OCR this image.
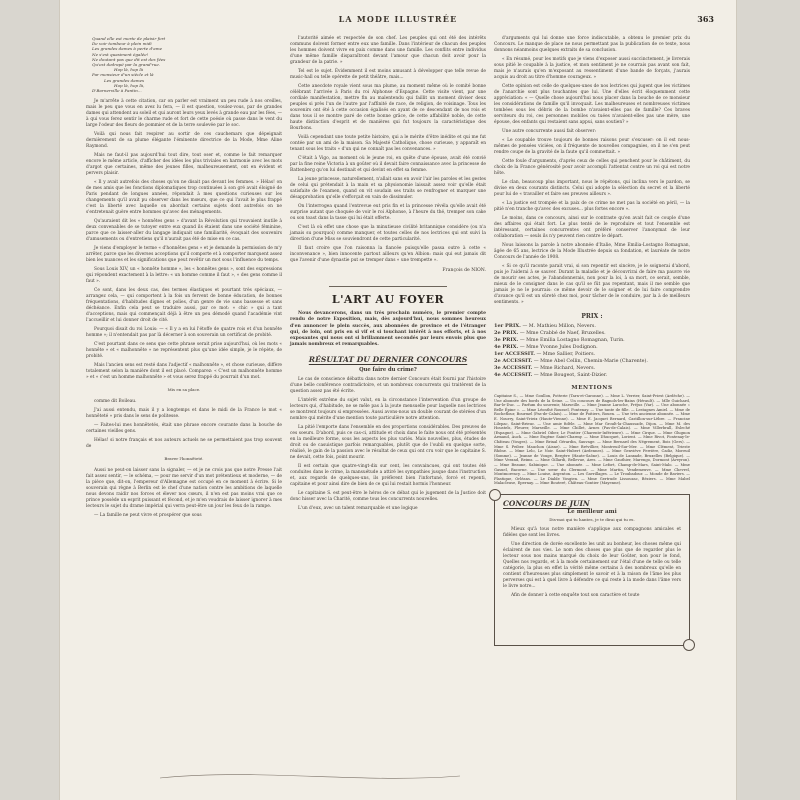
LA MODE ILLUSTRÉE	363
Quand elle est morte de plaisir fort
De voir tombeur à plein midi
Les grandes dames à perte d'ame
Ne s'est quasiment égalée!
Ne doutant pas que dit est des fées
Qu'est dedrapé par la grand'rue.
Hop là, hop là
Par monsieur d'un siècle et là
Les grandes dames
Hop là, hop là,
D'Barnerville à Pantin...

Je m'arrête à cette citation, car on parler est vraiment un peu rude à nos oreilles, mais le peu que vous en avez lu fera, — il est question, voulez-vous, par de grandes dames qui attendent au soleil et qui auront leurs yeux levés à grande eau par les fées, — à qui vous ferez sentir le charme rude et fort de cette poésie où passe dans le vent du large l'odeur des fleurs de pommier et de la terre soulevée par le soc.

Voilà qui nous fait respirer au sortir de ces cauchemars que dépeignait dernièrement de sa plume élégante l'éminente directrice de la Mode, Mme Aline Raymond.

Mais ne faut-il pas aujourd'hui tout dire, tout oser et, comme le fait remarquer encore le même article, d'afficher des idées les plus triviales en harmonie avec les mots d'argot que certaines, même des jeunes filles, malheureusement, ont en évident et pervers plaisir.

« Il y avait autrefois des choses qu'on ne disait pas devant les femmes. » Hélas! on de mes amis que les fonctions diplomatiques trop continuées à son gré avait éloigné de Paris pendant de longues années, répondait à mes questions curieuses sur les changements qu'il avait pu observer dans les mœurs, que ce qui l'avait le plus frappé c'est la liberté avec laquelle on abordait certains sujets dont autrefois on ne s'entretenait guère entre hommes qu'avec des ménagements.

Qu'auraient dit les « honnêtes gens » d'avant la Révolution qui trouvaient inutile à deux convenables de se tutoyer entre eux quand ils étaient dans une société féminine, parce que ce laisser-aller du langage indiquait une familiarité, évoquait des souvenirs d'amusements ou d'entretiens qu'il n'aurait pas été de mise en ce cas.

Je viens d'employer le terme « d'honnêtes gens » et je demande la permission de m'y arrêter, parce que les diverses acceptions qu'il comporte et à comporter marquent assez bien les nuances et les significations que peut revêtir un mot sous l'influence du temps.

Sous Louis XIV, un « honnête homme », les « honnêtes gens », sont des expressions qui répondent exactement à la lettre: « un homme comme il faut », « des gens comme il faut ».

Ce sont, dans les deux cas, des termes élastiques et pourtant très spéciaux, — arrangez cela, — qui comportent à la fois un fervent de bonne éducation, de bonnes fréquentations, d'habitudes dignes et polies, d'un genre de vie sans bassesse et sans déchéance. Enfin cela peut se traduire aussi, par ce mot: « chic » qui a tant d'acceptions, mais qui commençait déjà à être un peu démodé quand l'académie vint l'accueillir et lui donner droit de cité.

Pourquoi disait du roi Louis: — « Il y a en lui l'étoffe de quatre rois et d'un honnête homme »; il n'entendait pas par là décerner à son souverain un certificat de probité.

C'est pourtant dans ce sens que cette phrase serait prise aujourd'hui, où les mots « honnête » et « malhonnête » ne représentent plus qu'une idée simple, je le répète, de probité.

Mais l'ancien sens est resté dans l'adjectif « malhonnête », et chose curieuse, diffère totalement selon la manière dont il est placé. Comparez: « C'est un malhonnête homme » et « c'est un homme malhonnête » et vous serez frappé du pourrait d'un mot.

Mis en sa place.

comme dit Boileau.

J'ai aussi entendu, mais il y a longtemps et dans le midi de la France le mot « honnêteté » pris dans le sens de politesse.

— Faites-lui mes honnêtetés, était une phrase encore courante dans la bouche de certaines vieilles gens.

Hélas! si notre français et nos auteurs actuels ne se permettaient pas trop souvent de

Braver l'honnêteté.

Aussi ne peut-on laisser sans la signaler, — et je ne crois pas que notre Presse l'ait fait assez sentir, — le schéma, — pour me servir d'un mot prétentieux et moderne, — de la pièce que, dit-on, l'empereur d'Allemagne est occupé en ce moment à écrire. Si le souverain qui règne à Berlin est le chef d'une nation contre les ambitions de laquelle nous devons raidir nos forces et élever nos cœurs, il n'en est pas moins vrai que ce prince possède un esprit puissant et fécond, et je m'en voudrais de laisser ignorer à mes lecteurs le sujet du drame impérial qui verra peut-être un jour les feux de la rampe.

— La famille ne peut vivre et prospérer que sous

l'autorité aimée et respectée de son chef. Les peuples qui ont été des intérêts communs doivent former entre eux une famille. Dans l'intérieur de chacun des peuples les hommes doivent vivre en paix comme dans une famille. Les conflits entre individus d'une même famille disparaîtront devant l'amour que chacun doit avoir pour la grandeur de la patrie. »

Tel est le sujet. Évidemment il est moins amusant à développer que telle revue de music-hall ou telle opérette de petit théâtre, mais...

Cette anecdote royale vient sous ma plume, au moment même où le comité bonne célébrant l'arrivée à Paris du roi Alphonse d'Espagne. Cette visite vient, par une cordiale manifestation, mettre fin au malentendu qui faillit un moment diviser deux peuples si près l'un de l'autre par l'affinité de race, de religion, de voisinage. Tous les souvenirs ont été à cette occasion égalisés en ayant de ce descendant de nos rois et dans tous il se montre paré de cette bonne grâce, de cette affabilité noble, de cette haute distinction d'esprit et de manières qui fut toujours la caractéristique des Bourbons.

Voilà cependant une toute petite histoire, qui a le mérite d'être inédite et qui me fut contée par un ami de la maison. Sa Majesté Catholique, chose curieuse, y apparaît en tenant sous les traits « d'un qui ne connaît pas les convenances. »

C'était à Vigo, au moment où le jeune roi, en quête d'une épouse, avait été convié par la fine reine Victoria à un goûter où il devait faire connaissance avec la princesse de Battenberg qu'on lui destinait et qui devint en effet sa femme.

La jeune princesse, naturellement, n'allait sans en avoir l'air les paroles et les gestes de celui qui prétendait à la main et sa physionomie laissait assez voir qu'elle était satisfaite de l'examen, quand on vit soudain ses traits se renfrogner et marquer une désapprobation qu'elle s'efforçait en vain de dissimuler.

On l'interrogea quand l'entrevue eut pris fin et la princesse révéla qu'elle avait été surprise autant que choquée de voir le roi Alphonse, à l'heure du thé, tremper son cake ou son toast dans la tasse qui lui était offerte.

C'est là où effet une chose que la minutieuse civilité britannique considère (ou n'a jamais su pourquoi) comme manquer, et toutes celles de nos lectrices qui ont suivi la direction d'une Miss se souviendront de cette particularité.

Il faut croire que l'on raisonna la fiancée puisqu'elle passa outre à cette « inconvenance », bien innocente partout ailleurs qu'en Albion: mais qui eut jamais dit que l'avenir d'une dynastie put se tremper dans « une trempette ».

François de NION.

L'ART AU FOYER

Nous devancerons, dans un très prochain numéro, le premier compte rendu de notre Exposition, mais, dès aujourd'hui, nous sommes heureux d'en annoncer le plein succès, aux abonnées de province et de l'étranger qui, de loin, ont pris en si vif et si touchant intérêt à nos efforts, et à nos exposantes qui nous ont si brillamment secondés par leurs envois plus que jamais nombreux et remarquables.

RÉSULTAT DU DERNIER CONCOURS
Que faire du crime?

Le cas de conscience débattu dans notre dernier Concours était fourni par l'histoire d'une belle conférence contradictoire, et un nombreux concurrents qui traitèrent de la question assez pas été écrite.

L'intérêt extrême du sujet valut, en la circonstance l'intervention d'un groupe de lecteurs qui, d'habitude, ne se mêle pas à la joute mensuelle pour laquelle nos lectrices se montrent toujours si empressées. Aussi avons-nous un double courant de stérées d'un nombre qui mérite d'une mention toute particulière notre attention.

La pitié l'emporte dans l'ensemble en des proportions considérables. Des preuves de ces soeurs. D'abord, puis ce cas-ci, attitude et choix dans le faite nous ont été présentés en la meilleure forme, sous les aspects les plus variés. Mais nouvelles, plus, études de droit ou de casuistique parfois remarquables, plutôt que de l'oubli en quelque sorte, réalisé, le gain de la passion avec le résultat de ceux qui ont cru voir que le capitaine S. ne devait, cette fois, point mourir.

Il est certain que quatre-vingt-dix sur cent, les convaincues, qui ont toutes été conduites dans le crime, la mansuétude a attiré les sympathies jusque dans l'instruction et, aux regards de quelques-uns, ils préfèrent bien l'infortuné, forcé et repenti, capitaine et pour ainsi dire de bien de ce qui lui restait hormis l'honneur.

Le capitaine S. est peut-être le héros de ce débat qui le jugement de la Justice doit donc hisser avec la Charité, comme tous les concurrents nouvelles.

L'un d'eux, avec un talent remarquable et une logique

d'arguments qui lui donne une force indiscutable, a obtenu le premier prix du Concours. Le manque de place ne nous permettant pas la publication de ce texte, nous donnons néanmoins quelques extraits de sa conclusion.

« En résumé, pour les motifs que je viens d'exposer aussi succinctement, je livrerais sous pitié le coupable à la justice, et mon sentiment je ne courrais pas avant son fait, mais je n'aurais qu'en m'exposant au ressentiment d'une bande de forçats, j'aurais acquis au droit au titre d'homme courageux. »

Cette opinion est celle de quelques-unes de nos lectrices qui jugent que les victimes de l'anarchie sont plus touchantes que lui. Une d'elles écrit éloquemment cette appréciation: « — Quelle chose aujourd'hui nous placer dans la bouche de ce monsieur les considérations de famille qu'il invoquait. Les malheureuses et nombreuses victimes tombées sous les débris de la bombe n'avaient-elles pas de famille? Ces braves serviteurs du roi, ces personnes mobiles ou tuées n'avaient-elles pas une mère, une épouse, des enfants qui restaient sans appui, sans soutien? »

Une autre concurrente aussi fait observer:

« Le coupable trouve toujours de bonnes raisons pour s'excuser: on il est nous-mêmes de pensées viciées, on il fréquente de nouvelles compagnies, on il ne s'en peut rendre coupe de la gravité de la faute qu'il commettait. »

Cette foule d'arguments, d'après ceux de celles qui penchent pour le châtiment, du choix de la France générosité pour avoir accompli l'attentat contre un roi qui est notre hôte.

Le clan, beaucoup plus important, nous le répétons, qui inclina vers le pardon, se divise en deux courants distincts. Celui qui adopte la sélection du secret et la liberté pour lui de « travailler et faire ses preuves ailleurs ».

« La justice est trompée et la paix de ce crime ne met pas la société en péril, — la pitié n'en tranche qu'avec des excuses... plus fortes encore ».

Le moins, dans ce concours, ainsi sur le contraste qu'en avait fait ce couple d'une des affaires qui était fort. Le plus tenté de le reproduire et tout l'ensemble est intéressant, certaines concurrentes ont préféré conserver l'anonymat de leur collaboration — seuls ils n'y peuvent rien contre le départ.

Nous laissons la parole à notre abonnée d'Italie, Mme Emilia-Lostagno Romagnan, âgée de 65 ans, lectrice de la Mode Illustrée depuis sa fondation, et lauréate de notre Concours de l'année de 1908.

« Si ce qu'il raconte parait vrai, si son repentir est sincère, je le soignerai d'abord, puis je l'aiderai à se sauver. Durant la maladie et je découvrirai de faire ma pauvre vie de mourir ses actes, je l'abandonnerais, non pour la loi, à sa mort, ce serait, semble, mieux de le consigner dans le cas qu'il se fût pas repentant, mais il me semble que jamais je ne le pourrais: ce même devoir de le soigner et de lui faire comprendre d'avance qu'il est un sûreté chez moi, pour tâcher de le conduire, par la à de meilleurs sentiments. »

PRIX :

1er PRIX. — M. Mathieu Millon, Nevers.

2e PRIX. — Mme Crabbé de Naef, Bruxelles.

3e PRIX. — Mme Emilia Lostagno Romagnan, Turin.

4e PRIX. — Mme Yvonne Jules Dodignon.

1er ACCESSIT. — Mme Sallier, Poitiers.

2e ACCESSIT. — Mme Abel Cellin, Chemin-Marie (Charente).

3e ACCESSIT. — Mme Richard, Nevers.

4e ACCESSIT. — Mme Bougeot, Saint-Dizier.

MENTIONS

Capitaine S., — Mme Goullon, Potterie (Tarn-et-Garonne). — Mme L. Verrier, Saint-Priest (Ardèche). — Une abonnée des bords de la Seine. — Un concours de Bagnols-les-Bains (Hérault). — Mlle Guichard, Bar-le-Duc. — Parfum du souvenir, Marseille. — Mme Jeanne Laroche, Fréjus (Var). — Une abonnée « Belle Épine ». — Mme Léonthé Roussel, Fontenay. — Une tante de fille. — Lestagnes Amiel. — Mme de Rocheflour, Bourmel (Pas-de-Calais). — Mme de Poitiers, Rouen. — Une très ancienne abonnée. — Mme E. Nourry, Saint-Yrieix (Haute-Vienne). — Mme E. Jacquet Bernard, Castillon-sur-Lèbre. — Francine Lilepac, Saint-Brieuc. — Une amie fidèle. — Mme Mar Groult-la-Chaussade, Dijon. — Mme M. des Houstels, Fleurer, Marseille. — Mme Chillet, Arnes (Pas-de-Calais). — Mme Villerbrall, Esleché (Espagne). — Mme Gabriel Oiber, Le Pontier (Charente-Inférieure). — Mme Cirque. — Mme Glugnon Armand, Auch. — Mme Eugène Saint-Charmy. — Mme Dhucquet, Lorient. — Mme Rivot, Fontenay-le-Château (Vosges). — Mme Brinal Gérardin, Sauvage. — Mme Bernard des Négrement, Bois (Gers). — Mme S. Peiber. Mauchon (Aisne). — Mme Brévillier, Montreuil-Sur-Mer. — Mme Clément, Trieste Rhône. — Mme Lelo, Le Noir. Saint-Hubert (Ardennes). — Mme Genviève Ferrière, Cadiz, Moreuil (Somme). — Jeanne de Vouge, Bergère (Haute-Saône). — Louis de Lanxade, Bruxelles (Belgique). — Mme Verand, Reims. — Mme Gillardi, Bellevue, Ares. — Mme Gauthier, Marengo, Dormont (Aveyron). — Mme Beaune, Sabinique. — Une abonnée. — Mme Lefort, Champ-de-Mars, Saint-Malo. — Mme Gasuel, Bacorne. — Une sœur du Clermont. — Mme Martin, Vendemeuve. — Mme Chevrel, Montmorency. — Mme Louise, Argenton. — Les Gavrillages. — Le Troubadour. — Monde de Baviers. — Plastique, Orléans. — Le Diable Vosgien. — Mme Gertrude Lissouzac, Béziers. — Mme Mabel Malacleuse, Epernay. — Mme Bouteré, Château-Gontier (Mayenne).

CONCOURS DE JUIN
Le meilleur ami

Dis-moi qui tu hantes, je te dirai qui tu es.

Mieux qu'à tous notre manière s'applique aux compagnons amicales et fidèles que sont les livres.

Une direction de dorée excellente les unit au bonheur, les choses même qui éclairent de nos vies. Le nom des choses que plus que de regarder plus le lecteur sous nos mains marqué du choix de leur Goûter, non pour le fond, Quelles nos regards, et à la mode certainement sur l'étal d'une de telle ou telle catégorie, la plus en effet la vérité même certains à des nombreux qu'elle en contient d'heureuses plus simplement le savoir et à la raison de l'âme les plus perverses qui est à quel livre à défendre ce qui reste à la mode dans l'âme vers le livre notre...

Afin de donner à cette enquête tout son caractère et toute
